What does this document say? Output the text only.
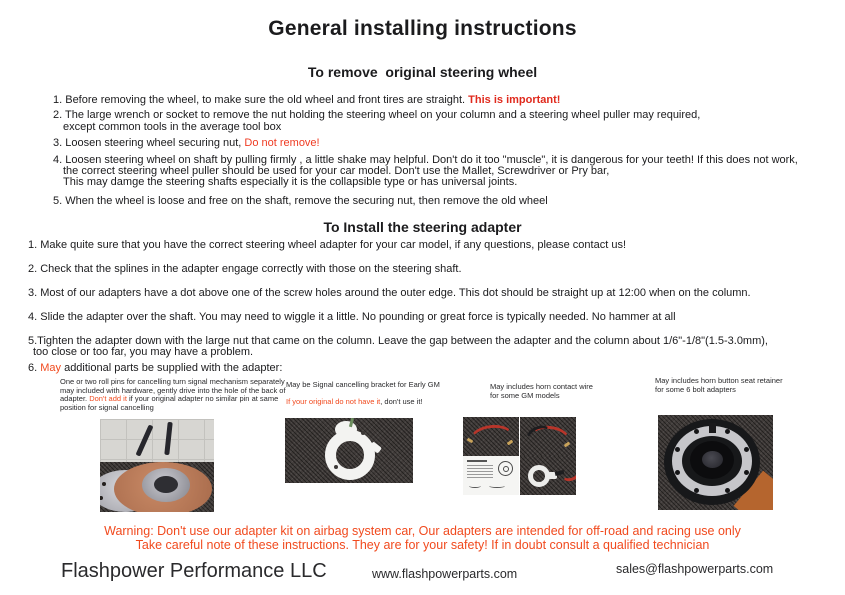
General installing instructions
To remove  original steering wheel
1. Before removing the wheel, to make sure the old wheel and front tires are straight. This is important!
2. The large wrench or socket to remove the nut holding the steering wheel on your column and a steering wheel puller may required,
except common tools in the average tool box
3. Loosen steering wheel securing nut, Do not remove!
4. Loosen steering wheel on shaft by pulling firmly , a little shake may helpful. Don't do it too "muscle", it is dangerous for your teeth! If this does not work,
the correct steering wheel puller should be used for your car model. Don't use the Mallet, Screwdriver or Pry bar,
This may damge the steering shafts especially it is the collapsible type or has universal joints.
5. When the wheel is loose and free on the shaft, remove the securing nut, then remove the old wheel
To Install the steering adapter
1. Make quite sure that you have the correct steering wheel adapter for your car model, if any questions, please contact us!
2. Check that the splines in the adapter engage correctly with those on the steering shaft.
3. Most of our adapters have a dot above one of the screw holes around the outer edge. This dot should be straight up at 12:00 when on the column.
4. Slide the adapter over the shaft. You may need to wiggle it a little. No pounding or great force is typically needed. No hammer at all
5.Tighten the adapter down with the large nut that came on the column. Leave the gap between the adapter and the column about 1/6"-1/8"(1.5-3.0mm),
too close or too far, you may have a problem.
6. May additional parts be supplied with the adapter:
One or two roll pins for cancelling turn signal mechanism separately may included with hardware, gently drive into the hole of the back of adapter. Don't add it if your original adapter no similar pin at same position for signal cancelling
May be Signal cancelling bracket for Early GM

If your original do not have it, don't use it!
May includes horn contact wire
for some GM models
May includes horn button seat retainer
for some 6 bolt adapters
Warning: Don't use our adapter kit on airbag system car, Our adapters are intended for off-road and racing use only
Take careful note of these instructions. They are for your safety! If in doubt consult a qualified technician
Flashpower Performance LLC	www.flashpowerparts.com	sales@flashpowerparts.com
